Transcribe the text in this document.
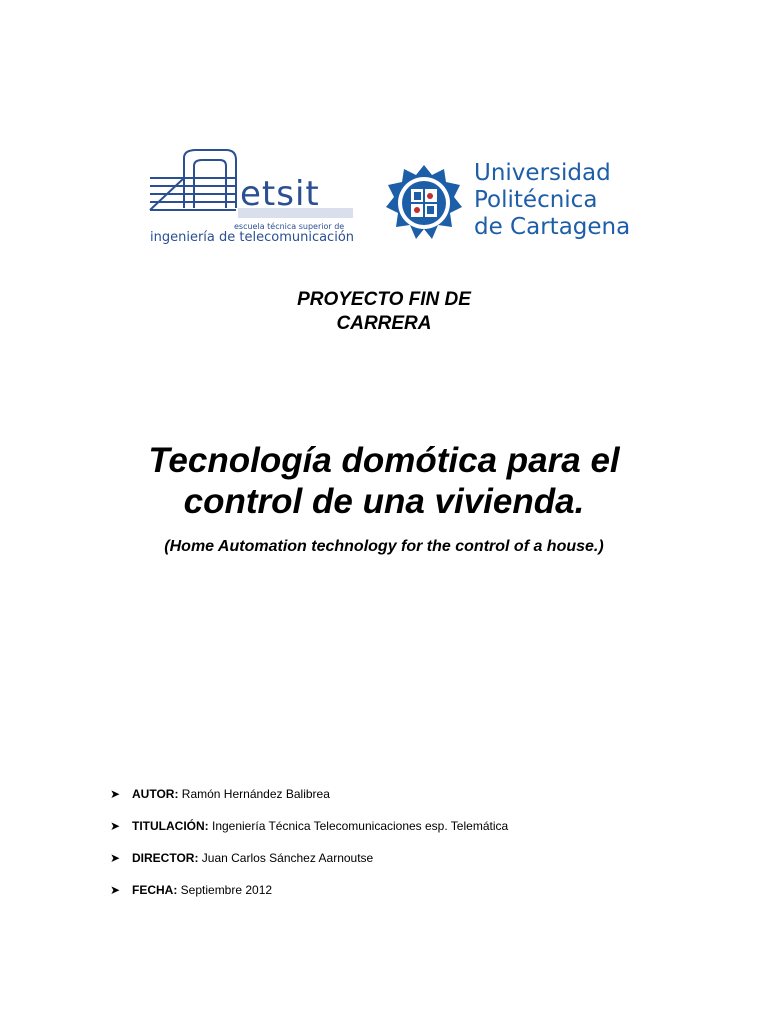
etsit
escuela técnica superior de
ingeniería de telecomunicación
Universidad
Politécnica
de Cartagena
PROYECTO FIN DE
CARRERA
Tecnología domótica para el
control de una vivienda.
(Home Automation technology for the control of a house.)
➤ AUTOR: Ramón Hernández Balibrea
➤ TITULACIÓN: Ingeniería Técnica Telecomunicaciones esp. Telemática
➤ DIRECTOR: Juan Carlos Sánchez Aarnoutse
➤ FECHA: Septiembre 2012
